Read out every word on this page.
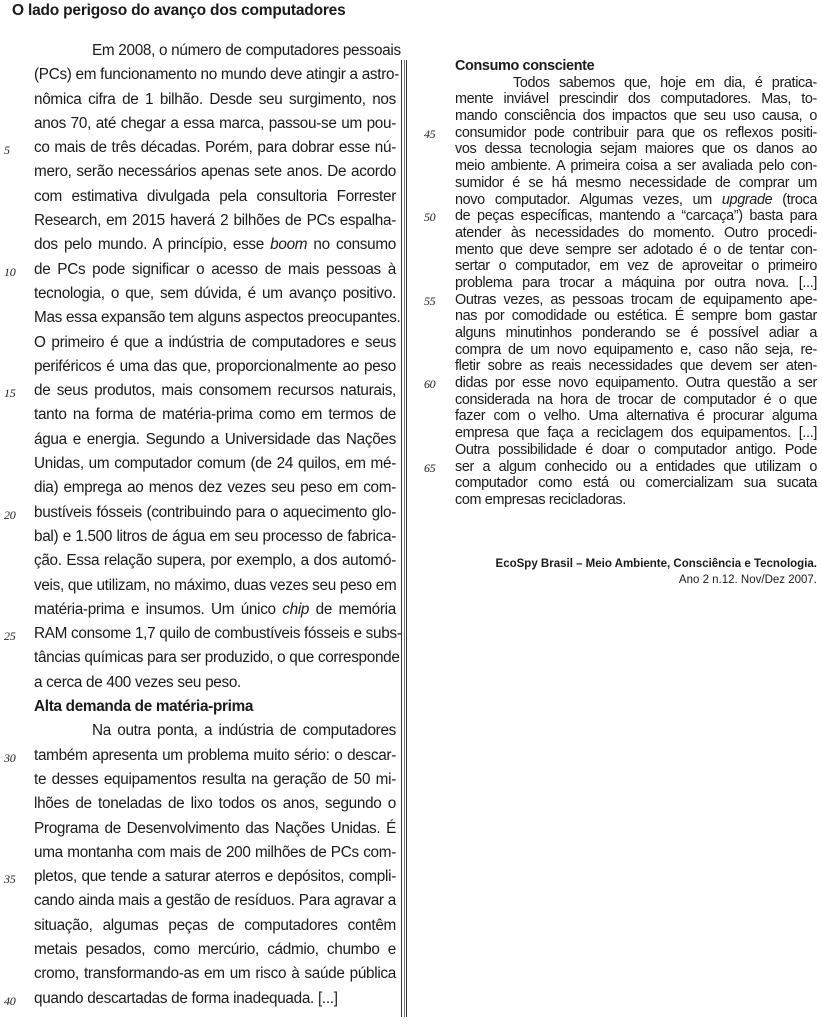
O lado perigoso do avanço dos computadores
Em 2008, o número de computadores pessoais
(PCs) em funcionamento no mundo deve atingir a astro-
nômica cifra de 1 bilhão. Desde seu surgimento, nos
anos 70, até chegar a essa marca, passou-se um pou-
co mais de três décadas. Porém, para dobrar esse nú-
5
mero, serão necessários apenas sete anos. De acordo
com estimativa divulgada pela consultoria Forrester
Research, em 2015 haverá 2 bilhões de PCs espalha-
dos pelo mundo. A princípio, esse boom no consumo
de PCs pode significar o acesso de mais pessoas à
10
tecnologia, o que, sem dúvida, é um avanço positivo.
Mas essa expansão tem alguns aspectos preocupantes.
O primeiro é que a indústria de computadores e seus
periféricos é uma das que, proporcionalmente ao peso
de seus produtos, mais consomem recursos naturais,
15
tanto na forma de matéria-prima como em termos de
água e energia. Segundo a Universidade das Nações
Unidas, um computador comum (de 24 quilos, em mé-
dia) emprega ao menos dez vezes seu peso em com-
bustíveis fósseis (contribuindo para o aquecimento glo-
20
bal) e 1.500 litros de água em seu processo de fabrica-
ção. Essa relação supera, por exemplo, a dos automó-
veis, que utilizam, no máximo, duas vezes seu peso em
matéria-prima e insumos. Um único chip de memória
RAM consome 1,7 quilo de combustíveis fósseis e subs-
25
tâncias químicas para ser produzido, o que corresponde
a cerca de 400 vezes seu peso.
Alta demanda de matéria-prima
Na outra ponta, a indústria de computadores
também apresenta um problema muito sério: o descar-
30
te desses equipamentos resulta na geração de 50 mi-
lhões de toneladas de lixo todos os anos, segundo o
Programa de Desenvolvimento das Nações Unidas. É
uma montanha com mais de 200 milhões de PCs com-
pletos, que tende a saturar aterros e depósitos, compli-
35
cando ainda mais a gestão de resíduos. Para agravar a
situação, algumas peças de computadores contêm
metais pesados, como mercúrio, cádmio, chumbo e
cromo, transformando-as em um risco à saúde pública
quando descartadas de forma inadequada. [...]
40
Consumo consciente
Todos sabemos que, hoje em dia, é pratica-
mente inviável prescindir dos computadores. Mas, to-
mando consciência dos impactos que seu uso causa, o
consumidor pode contribuir para que os reflexos positi-
45
vos dessa tecnologia sejam maiores que os danos ao
meio ambiente. A primeira coisa a ser avaliada pelo con-
sumidor é se há mesmo necessidade de comprar um
novo computador. Algumas vezes, um upgrade (troca
de peças específicas, mantendo a “carcaça”) basta para
50
atender às necessidades do momento. Outro procedi-
mento que deve sempre ser adotado é o de tentar con-
sertar o computador, em vez de aproveitar o primeiro
problema para trocar a máquina por outra nova. [...]
Outras vezes, as pessoas trocam de equipamento ape-
55
nas por comodidade ou estética. É sempre bom gastar
alguns minutinhos ponderando se é possível adiar a
compra de um novo equipamento e, caso não seja, re-
fletir sobre as reais necessidades que devem ser aten-
didas por esse novo equipamento. Outra questão a ser
60
considerada na hora de trocar de computador é o que
fazer com o velho. Uma alternativa é procurar alguma
empresa que faça a reciclagem dos equipamentos. [...]
Outra possibilidade é doar o computador antigo. Pode
ser a algum conhecido ou a entidades que utilizam o
65
computador como está ou comercializam sua sucata
com empresas recicladoras.
EcoSpy Brasil – Meio Ambiente, Consciência e Tecnologia.
Ano 2 n.12. Nov/Dez 2007.
